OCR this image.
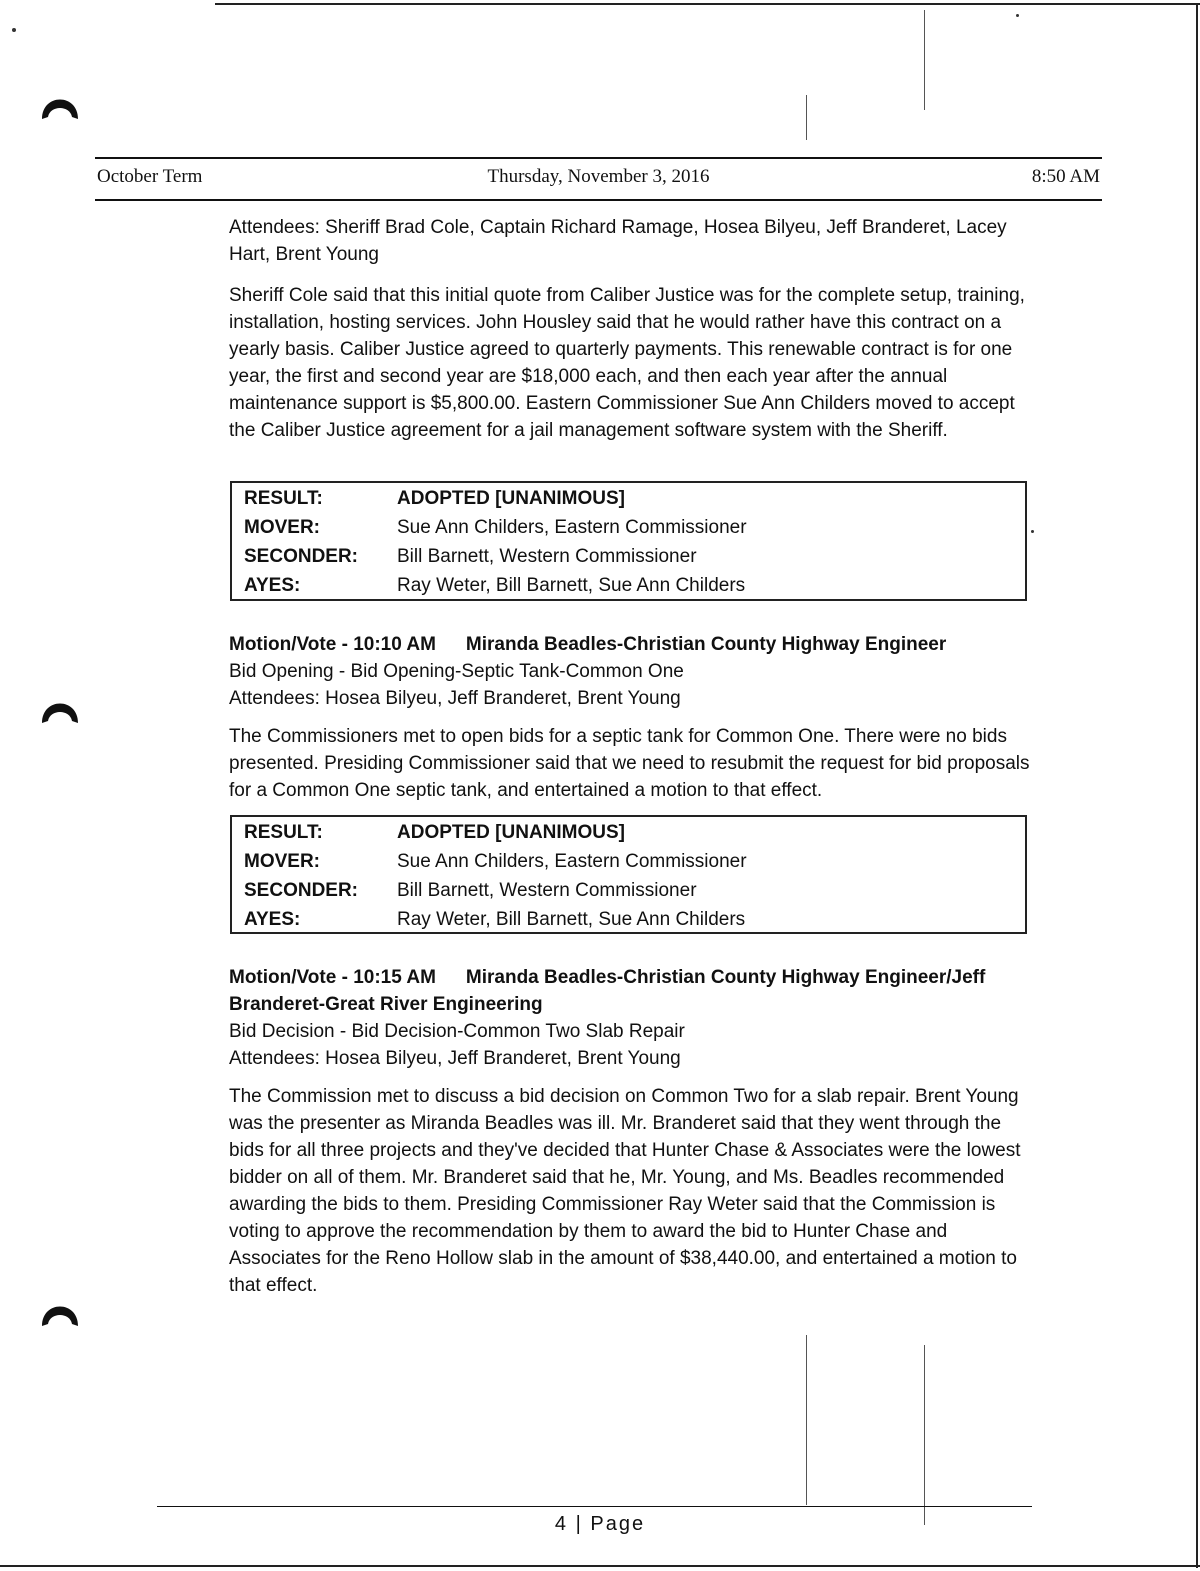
October Term	Thursday, November 3, 2016	8:50 AM

Attendees: Sheriff Brad Cole, Captain Richard Ramage, Hosea Bilyeu, Jeff Branderet, Lacey Hart, Brent Young

Sheriff Cole said that this initial quote from Caliber Justice was for the complete setup, training, installation, hosting services. John Housley said that he would rather have this contract on a yearly basis. Caliber Justice agreed to quarterly payments. This renewable contract is for one year, the first and second year are $18,000 each, and then each year after the annual maintenance support is $5,800.00. Eastern Commissioner Sue Ann Childers moved to accept the Caliber Justice agreement for a jail management software system with the Sheriff.

RESULT:	ADOPTED [UNANIMOUS]
MOVER:	Sue Ann Childers, Eastern Commissioner
SECONDER:	Bill Barnett, Western Commissioner
AYES:	Ray Weter, Bill Barnett, Sue Ann Childers

Motion/Vote - 10:10 AM Miranda Beadles-Christian County Highway Engineer

Bid Opening - Bid Opening-Septic Tank-Common One

Attendees: Hosea Bilyeu, Jeff Branderet, Brent Young

The Commissioners met to open bids for a septic tank for Common One. There were no bids presented. Presiding Commissioner said that we need to resubmit the request for bid proposals for a Common One septic tank, and entertained a motion to that effect.

RESULT:	ADOPTED [UNANIMOUS]
MOVER:	Sue Ann Childers, Eastern Commissioner
SECONDER:	Bill Barnett, Western Commissioner
AYES:	Ray Weter, Bill Barnett, Sue Ann Childers

Motion/Vote - 10:15 AM Miranda Beadles-Christian County Highway Engineer/Jeff Branderet-Great River Engineering

Bid Decision - Bid Decision-Common Two Slab Repair

Attendees: Hosea Bilyeu, Jeff Branderet, Brent Young

The Commission met to discuss a bid decision on Common Two for a slab repair. Brent Young was the presenter as Miranda Beadles was ill. Mr. Branderet said that they went through the bids for all three projects and they've decided that Hunter Chase & Associates were the lowest bidder on all of them. Mr. Branderet said that he, Mr. Young, and Ms. Beadles recommended awarding the bids to them. Presiding Commissioner Ray Weter said that the Commission is voting to approve the recommendation by them to award the bid to Hunter Chase and Associates for the Reno Hollow slab in the amount of $38,440.00, and entertained a motion to that effect.

4 | Page
